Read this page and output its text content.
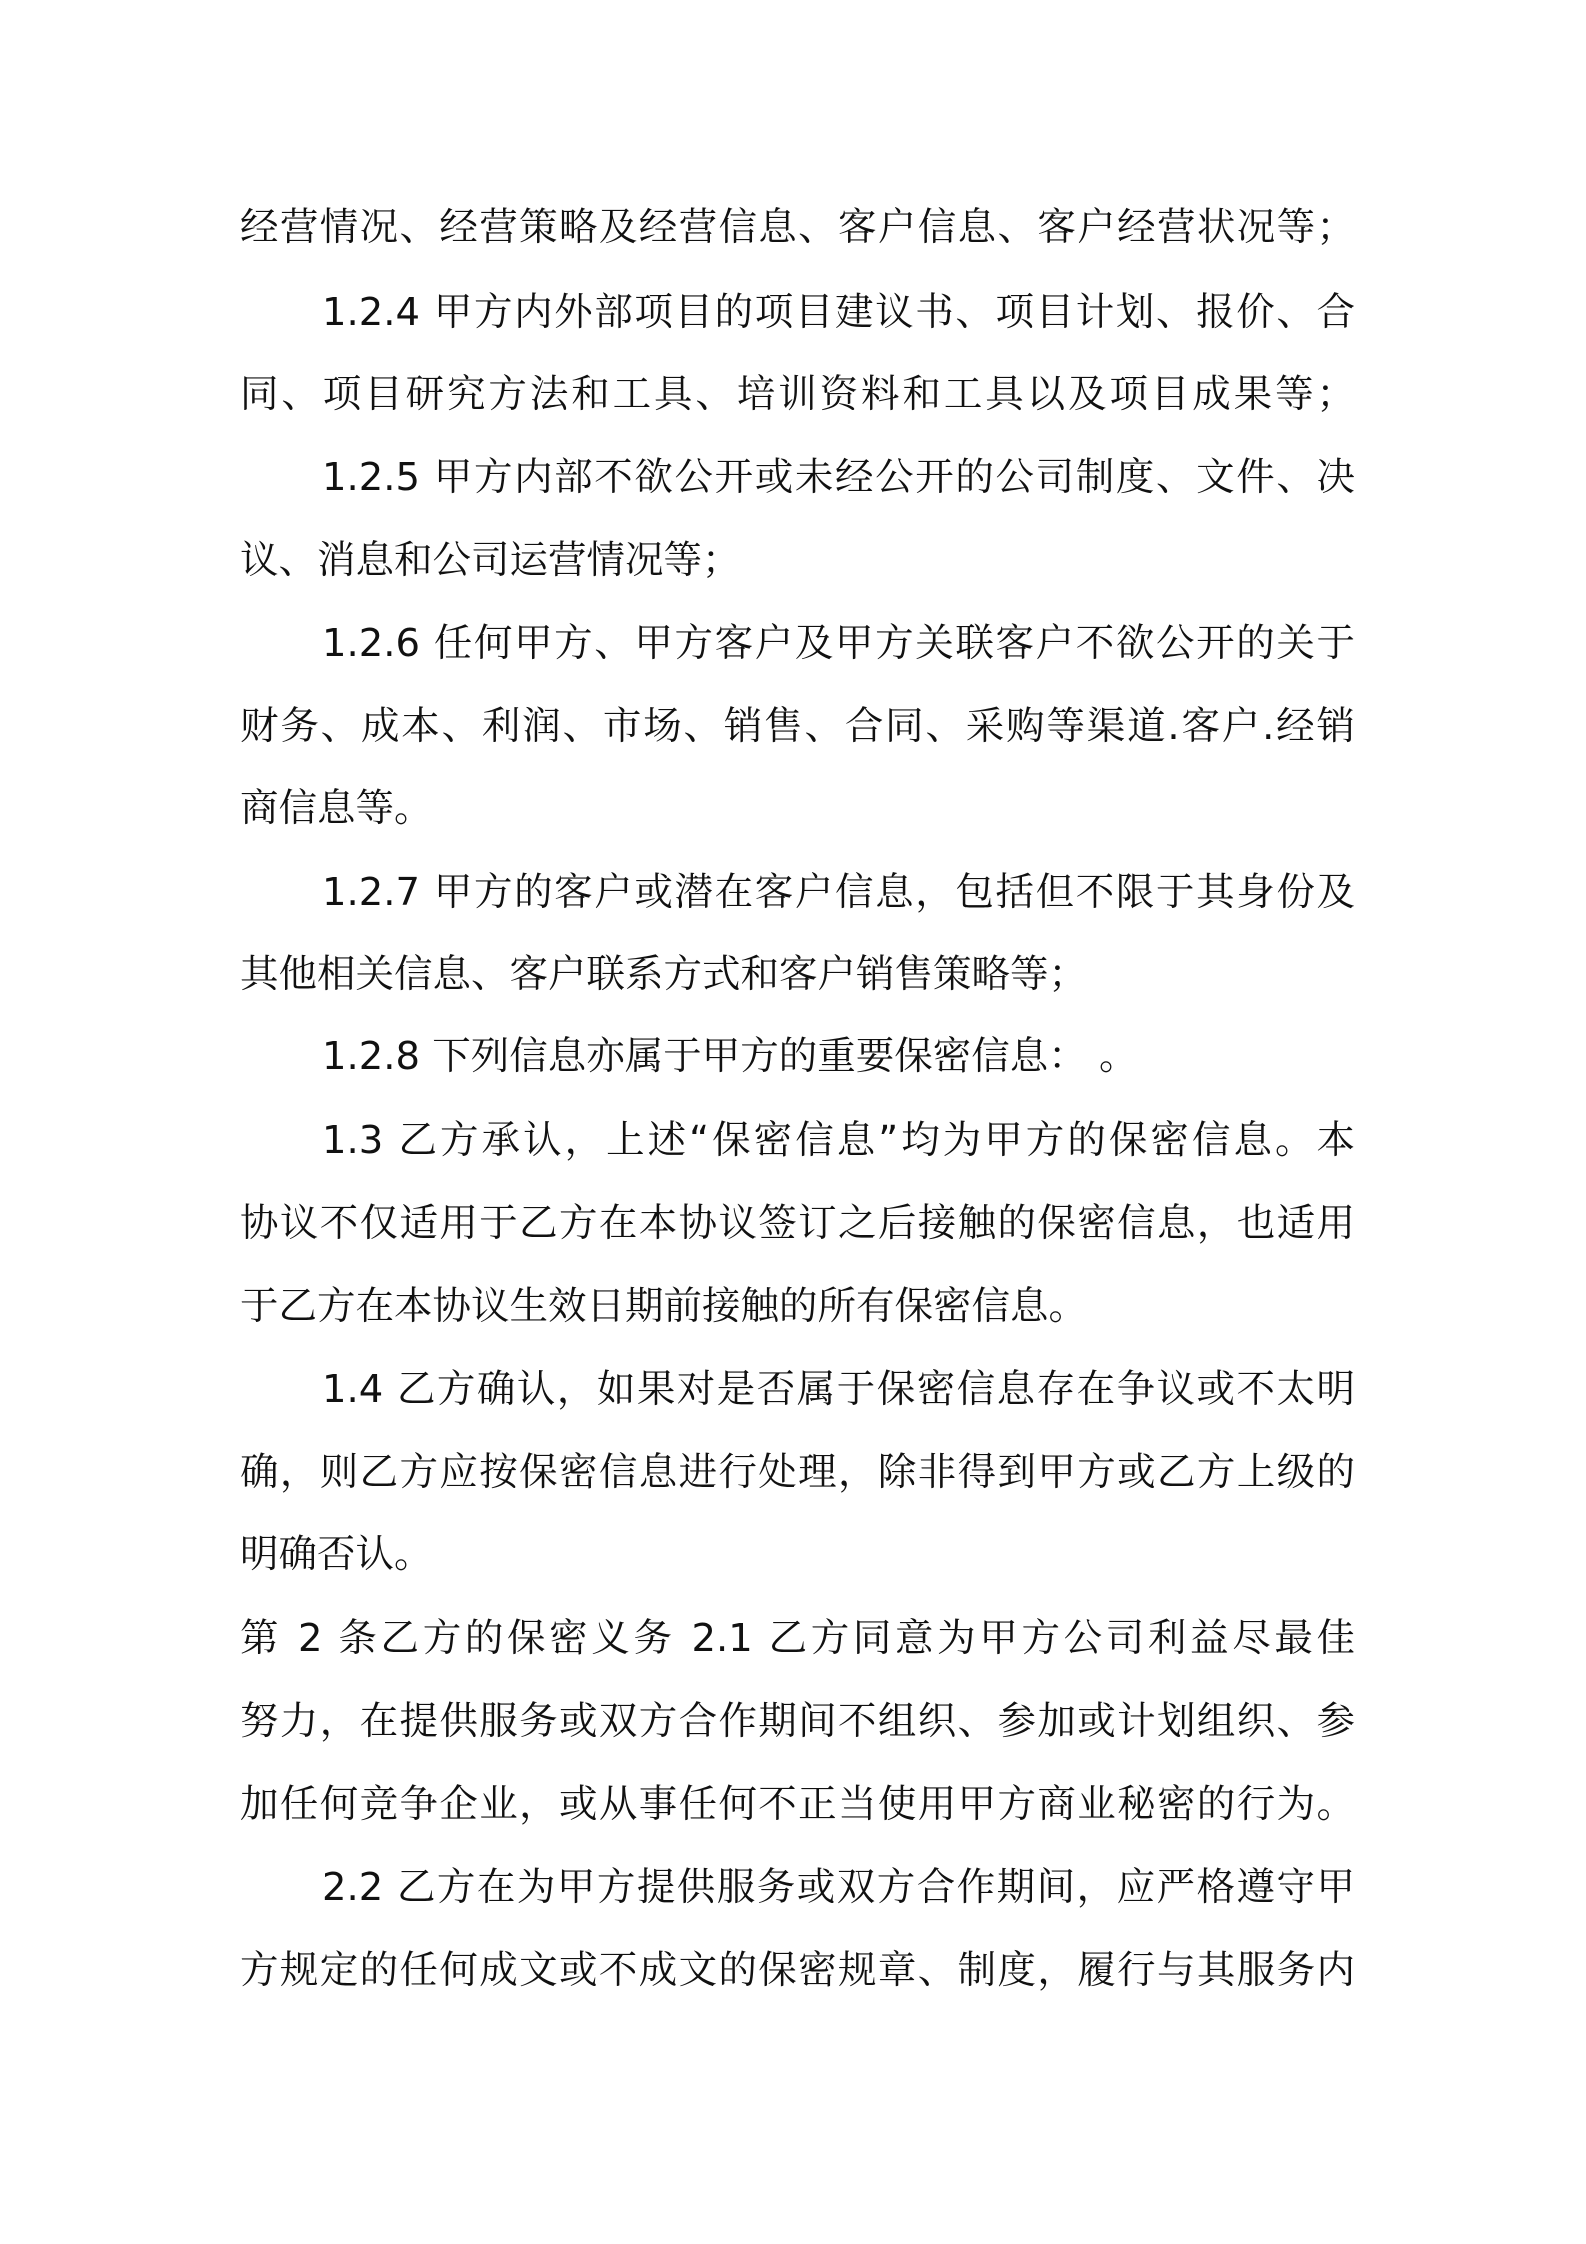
经营情况、经营策略及经营信息、客户信息、客户经营状况等；

1.2.4 甲方内外部项目的项目建议书、项目计划、报价、合

同、项目研究方法和工具、培训资料和工具以及项目成果等；

1.2.5 甲方内部不欲公开或未经公开的公司制度、文件、决

议、消息和公司运营情况等；

1.2.6 任何甲方、甲方客户及甲方关联客户不欲公开的关于

财务、成本、利润、市场、销售、合同、采购等渠道.客户.经销

商信息等。

1.2.7 甲方的客户或潜在客户信息，包括但不限于其身份及

其他相关信息、客户联系方式和客户销售策略等；

1.2.8 下列信息亦属于甲方的重要保密信息： 。

1.3 乙方承认，上述“保密信息”均为甲方的保密信息。本

协议不仅适用于乙方在本协议签订之后接触的保密信息，也适用

于乙方在本协议生效日期前接触的所有保密信息。

1.4 乙方确认，如果对是否属于保密信息存在争议或不太明

确，则乙方应按保密信息进行处理，除非得到甲方或乙方上级的

明确否认。

第 2 条乙方的保密义务 2.1 乙方同意为甲方公司利益尽最佳

努力，在提供服务或双方合作期间不组织、参加或计划组织、参

加任何竞争企业，或从事任何不正当使用甲方商业秘密的行为。

2.2 乙方在为甲方提供服务或双方合作期间，应严格遵守甲

方规定的任何成文或不成文的保密规章、制度，履行与其服务内
